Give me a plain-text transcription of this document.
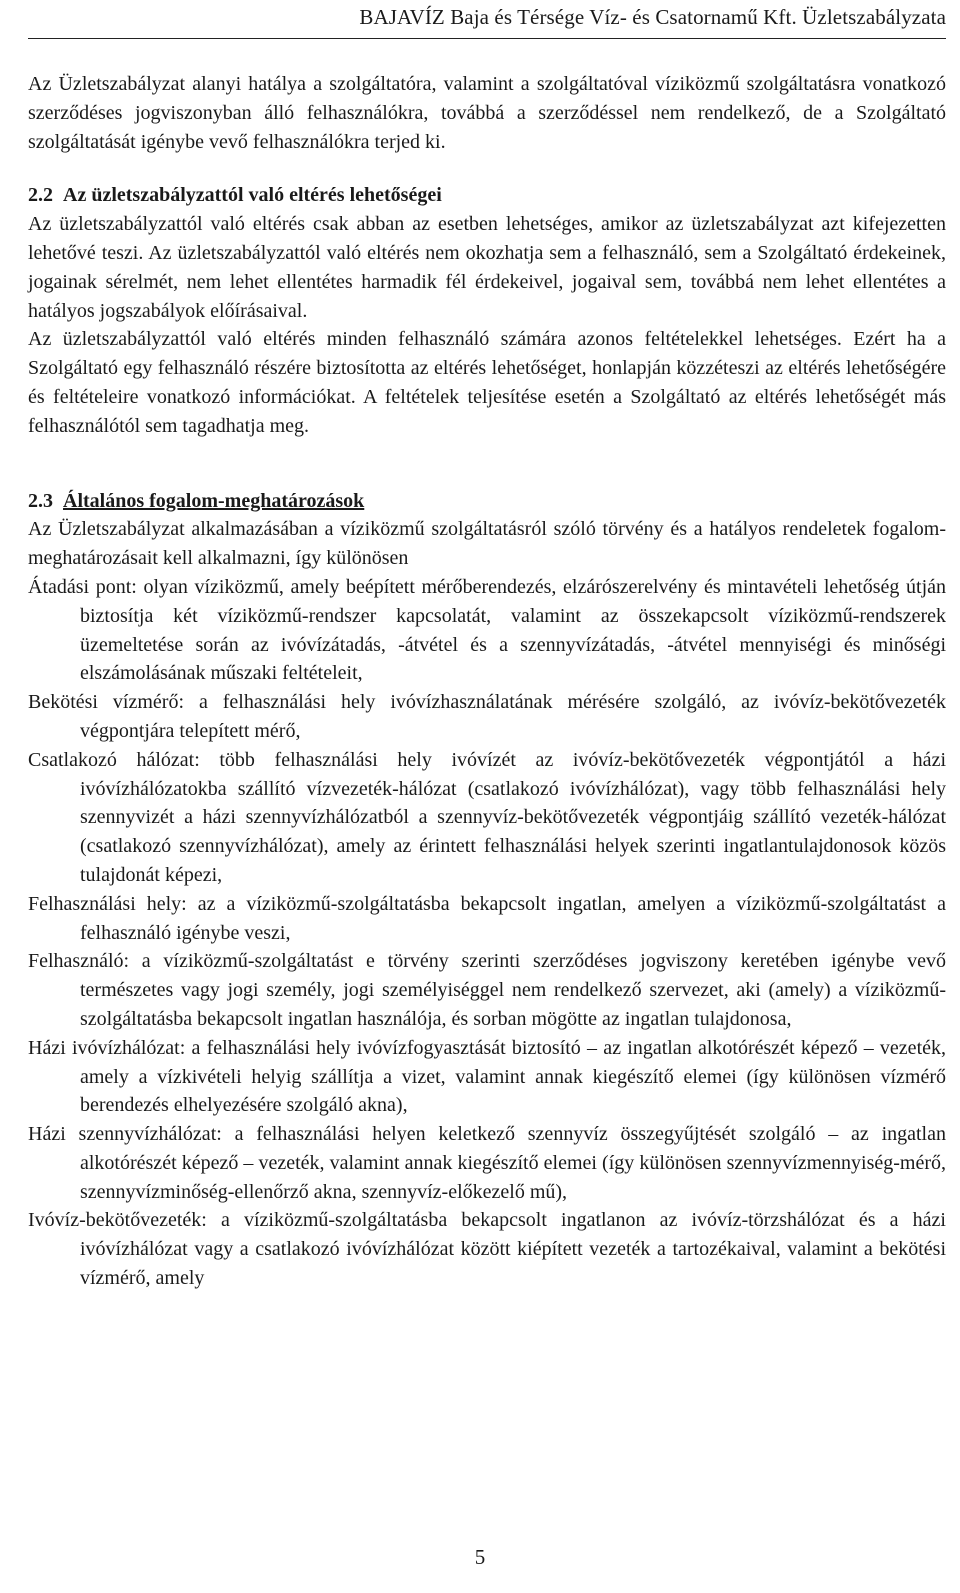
BAJAVÍZ Baja és Térsége Víz- és Csatornamű Kft. Üzletszabályzata

Az Üzletszabályzat alanyi hatálya a szolgáltatóra, valamint a szolgáltatóval víziközmű szolgáltatásra vonatkozó szerződéses jogviszonyban álló felhasználókra, továbbá a szerződéssel nem rendelkező, de a Szolgáltató szolgáltatását igénybe vevő felhasználókra terjed ki.

2.2 Az üzletszabályzattól való eltérés lehetőségei

Az üzletszabályzattól való eltérés csak abban az esetben lehetséges, amikor az üzletszabályzat azt kifejezetten lehetővé teszi. Az üzletszabályzattól való eltérés nem okozhatja sem a felhasználó, sem a Szolgáltató érdekeinek, jogainak sérelmét, nem lehet ellentétes harmadik fél érdekeivel, jogaival sem, továbbá nem lehet ellentétes a hatályos jogszabályok előírásaival.

Az üzletszabályzattól való eltérés minden felhasználó számára azonos feltételekkel lehetséges. Ezért ha a Szolgáltató egy felhasználó részére biztosította az eltérés lehetőséget, honlapján közzéteszi az eltérés lehetőségére és feltételeire vonatkozó információkat. A feltételek teljesítése esetén a Szolgáltató az eltérés lehetőségét más felhasználótól sem tagadhatja meg.

2.3 Általános fogalom-meghatározások

Az Üzletszabályzat alkalmazásában a víziközmű szolgáltatásról szóló törvény és a hatályos rendeletek fogalom-meghatározásait kell alkalmazni, így különösen

Átadási pont: olyan víziközmű, amely beépített mérőberendezés, elzárószerelvény és mintavételi lehetőség útján biztosítja két víziközmű-rendszer kapcsolatát, valamint az összekapcsolt víziközmű-rendszerek üzemeltetése során az ivóvízátadás, -átvétel és a szennyvízátadás, -átvétel mennyiségi és minőségi elszámolásának műszaki feltételeit,

Bekötési vízmérő: a felhasználási hely ivóvízhasználatának mérésére szolgáló, az ivóvíz-bekötővezeték végpontjára telepített mérő,

Csatlakozó hálózat: több felhasználási hely ivóvízét az ivóvíz-bekötővezeték végpontjától a házi ivóvízhálózatokba szállító vízvezeték-hálózat (csatlakozó ivóvízhálózat), vagy több felhasználási hely szennyvizét a házi szennyvízhálózatból a szennyvíz-bekötővezeték végpontjáig szállító vezeték-hálózat (csatlakozó szennyvízhálózat), amely az érintett felhasználási helyek szerinti ingatlantulajdonosok közös tulajdonát képezi,

Felhasználási hely: az a víziközmű-szolgáltatásba bekapcsolt ingatlan, amelyen a víziközmű-szolgáltatást a felhasználó igénybe veszi,

Felhasználó: a víziközmű-szolgáltatást e törvény szerinti szerződéses jogviszony keretében igénybe vevő természetes vagy jogi személy, jogi személyiséggel nem rendelkező szervezet, aki (amely) a víziközmű-szolgáltatásba bekapcsolt ingatlan használója, és sorban mögötte az ingatlan tulajdonosa,

Házi ivóvízhálózat: a felhasználási hely ivóvízfogyasztását biztosító – az ingatlan alkotórészét képező – vezeték, amely a vízkivételi helyig szállítja a vizet, valamint annak kiegészítő elemei (így különösen vízmérő berendezés elhelyezésére szolgáló akna),

Házi szennyvízhálózat: a felhasználási helyen keletkező szennyvíz összegyűjtését szolgáló – az ingatlan alkotórészét képező – vezeték, valamint annak kiegészítő elemei (így különösen szennyvízmennyiség-mérő, szennyvízminőség-ellenőrző akna, szennyvíz-előkezelő mű),

Ivóvíz-bekötővezeték: a víziközmű-szolgáltatásba bekapcsolt ingatlanon az ivóvíz-törzshálózat és a házi ivóvízhálózat vagy a csatlakozó ivóvízhálózat között kiépített vezeték a tartozékaival, valamint a bekötési vízmérő, amely

5
